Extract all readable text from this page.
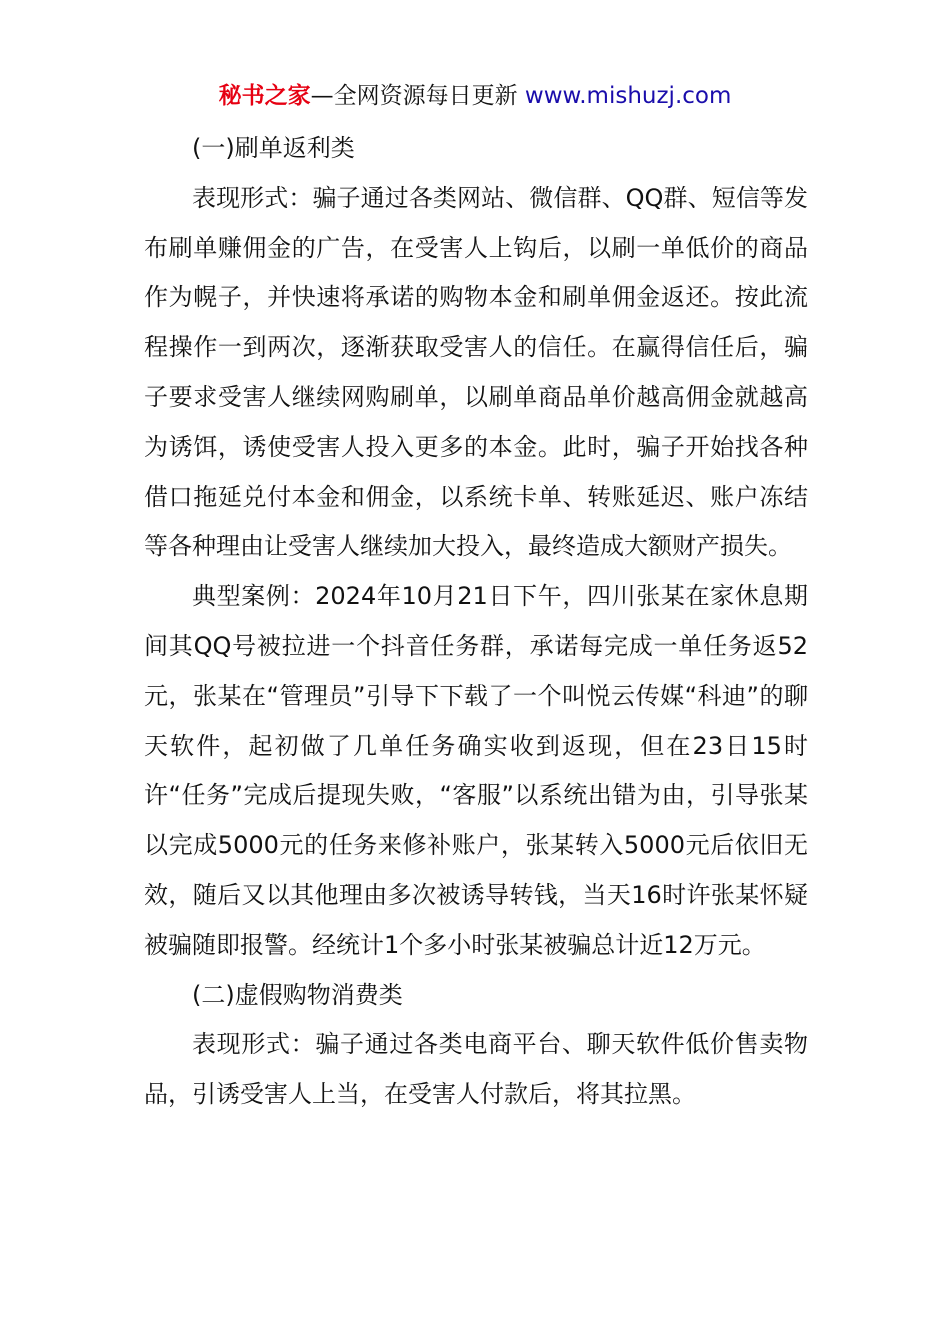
秘书之家—全网资源每日更新 www.mishuzj.com

(一)刷单返利类

表现形式：骗子通过各类网站、微信群、QQ群、短信等发布刷单赚佣金的广告，在受害人上钩后，以刷一单低价的商品作为幌子，并快速将承诺的购物本金和刷单佣金返还。按此流程操作一到两次，逐渐获取受害人的信任。在赢得信任后，骗子要求受害人继续网购刷单，以刷单商品单价越高佣金就越高为诱饵，诱使受害人投入更多的本金。此时，骗子开始找各种借口拖延兑付本金和佣金，以系统卡单、转账延迟、账户冻结等各种理由让受害人继续加大投入，最终造成大额财产损失。

典型案例：2024年10月21日下午，四川张某在家休息期间其QQ号被拉进一个抖音任务群，承诺每完成一单任务返52元，张某在“管理员”引导下下载了一个叫悦云传媒“科迪”的聊天软件，起初做了几单任务确实收到返现，但在23日15时许“任务”完成后提现失败，“客服”以系统出错为由，引导张某以完成5000元的任务来修补账户，张某转入5000元后依旧无效，随后又以其他理由多次被诱导转钱，当天16时许张某怀疑被骗随即报警。经统计1个多小时张某被骗总计近12万元。

(二)虚假购物消费类

表现形式：骗子通过各类电商平台、聊天软件低价售卖物品，引诱受害人上当，在受害人付款后，将其拉黑。
